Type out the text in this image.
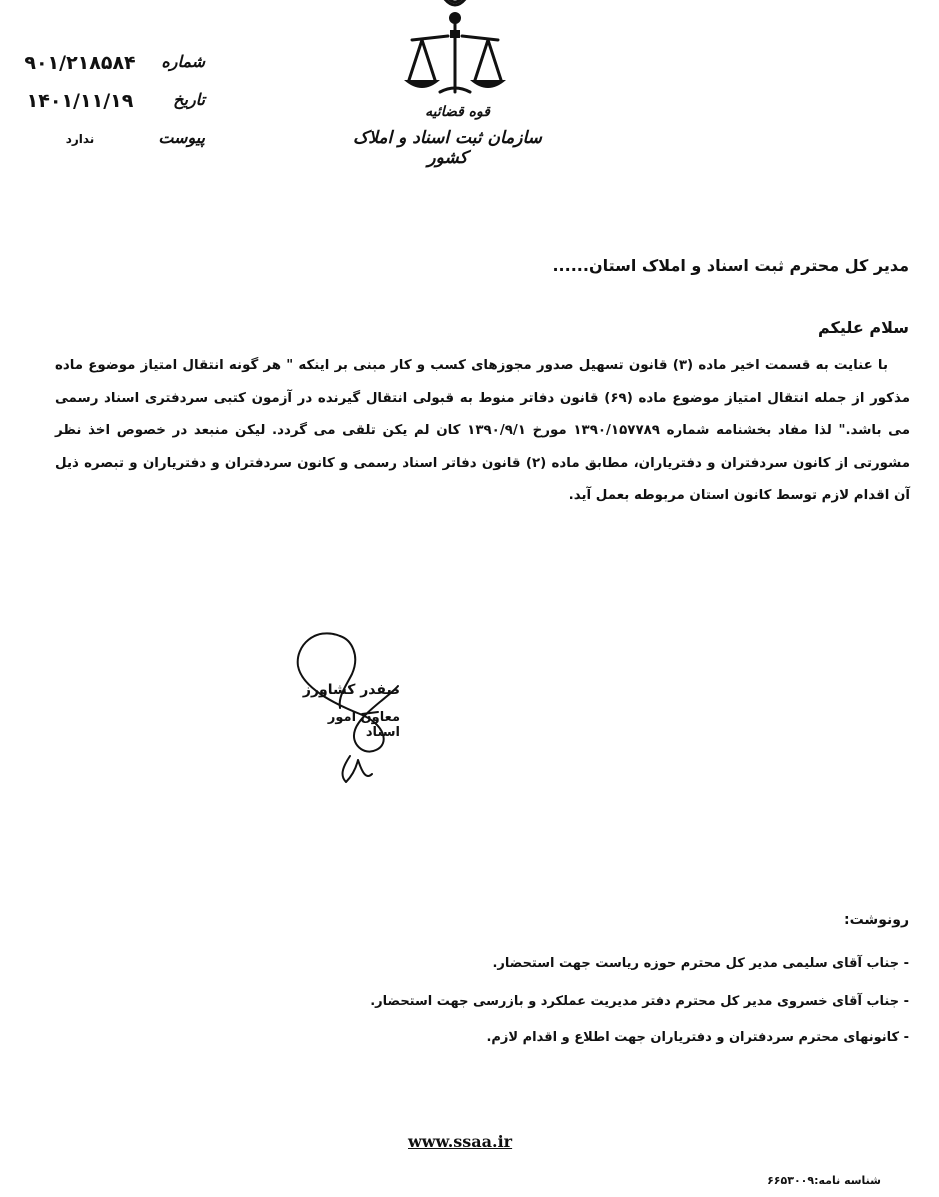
شماره
۹۰۱/۲۱۸۵۸۴
تاریخ
۱۴۰۱/۱۱/۱۹
پیوست
ندارد
قوه قضائیه
سازمان ثبت اسناد و املاک کشور
مدیر کل محترم ثبت اسناد و املاک استان......
سلام علیکم
با عنایت به قسمت اخیر ماده (۳) قانون تسهیل صدور مجوزهای کسب و کار مبنی بر اینکه " هر گونه انتقال امتیاز موضوع ماده مذکور از جمله انتقال امتیاز موضوع ماده (۶۹) قانون دفاتر منوط به قبولی انتقال گیرنده در آزمون کتبی سردفتری اسناد رسمی می باشد." لذا مفاد بخشنامه شماره ۱۳۹۰/۱۵۷۷۸۹ مورخ ۱۳۹۰/۹/۱ کان لم یکن تلقی می گردد. لیکن منبعد در خصوص اخذ نظر مشورتی از کانون سردفتران و دفتریاران، مطابق ماده (۲) قانون دفاتر اسناد رسمی و کانون سردفتران و دفتریاران و تبصره ذیل آن اقدام لازم توسط کانون استان مربوطه بعمل آید.
صفدر کشاورز
معاون امور اسناد
رونوشت:
- جناب آقای سلیمی مدیر کل محترم حوزه ریاست جهت استحضار.
- جناب آقای خسروی مدیر کل محترم دفتر مدیریت عملکرد و بازرسی جهت استحضار.
- کانونهای محترم سردفتران و دفتریاران جهت اطلاع و اقدام لازم.
www.ssaa.ir
شناسه نامه:۶۶۵۳۰۰۹
